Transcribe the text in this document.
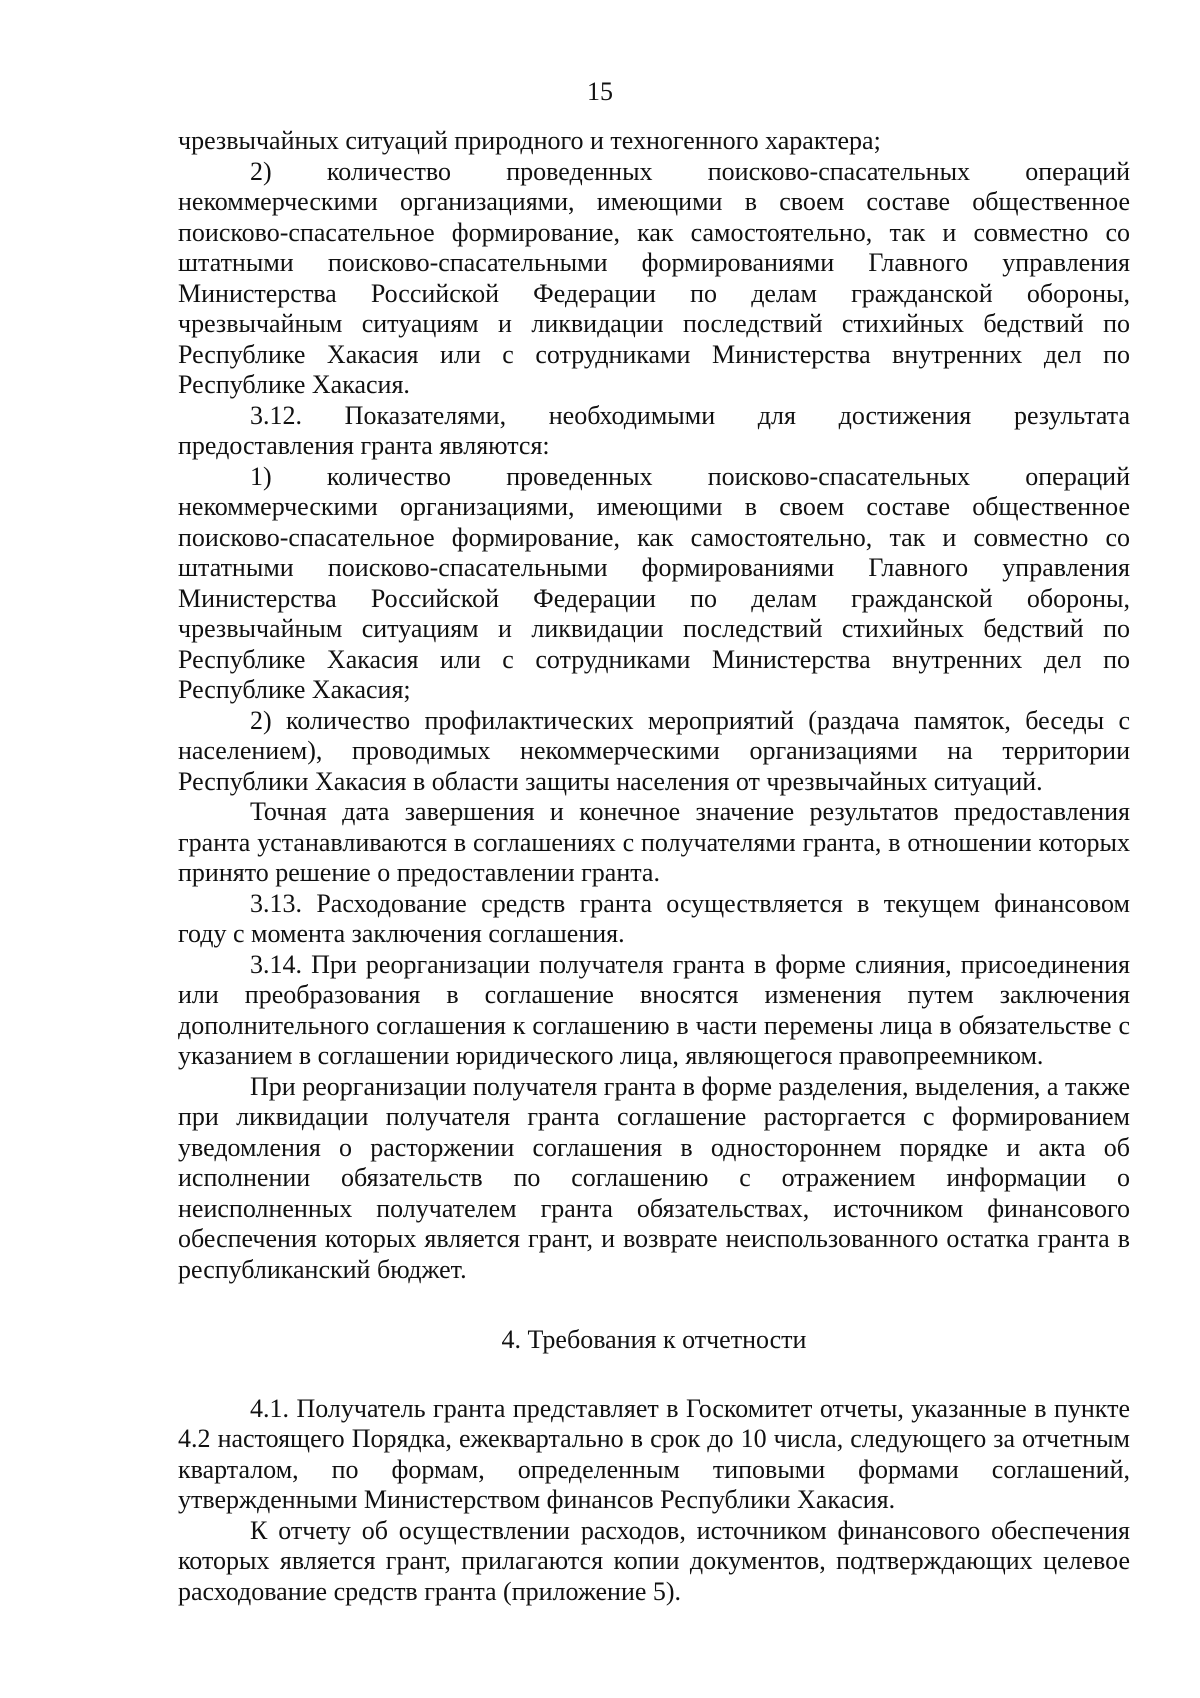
15

чрезвычайных ситуаций природного и техногенного характера;

2) количество проведенных поисково-спасательных операций некоммерческими организациями, имеющими в своем составе общественное поисково-спасательное формирование, как самостоятельно, так и совместно со штатными поисково-спасательными формированиями Главного управления Министерства Российской Федерации по делам гражданской обороны, чрезвычайным ситуациям и ликвидации последствий стихийных бедствий по Республике Хакасия или с сотрудниками Министерства внутренних дел по Республике Хакасия.

3.12. Показателями, необходимыми для достижения результата предоставления гранта являются:

1) количество проведенных поисково-спасательных операций некоммерческими организациями, имеющими в своем составе общественное поисково-спасательное формирование, как самостоятельно, так и совместно со штатными поисково-спасательными формированиями Главного управления Министерства Российской Федерации по делам гражданской обороны, чрезвычайным ситуациям и ликвидации последствий стихийных бедствий по Республике Хакасия или с сотрудниками Министерства внутренних дел по Республике Хакасия;

2) количество профилактических мероприятий (раздача памяток, беседы с населением), проводимых некоммерческими организациями на территории Республики Хакасия в области защиты населения от чрезвычайных ситуаций.

Точная дата завершения и конечное значение результатов предоставления гранта устанавливаются в соглашениях с получателями гранта, в отношении которых принято решение о предоставлении гранта.

3.13. Расходование средств гранта осуществляется в текущем финансовом году с момента заключения соглашения.

3.14. При реорганизации получателя гранта в форме слияния, присоединения или преобразования в соглашение вносятся изменения путем заключения дополнительного соглашения к соглашению в части перемены лица в обязательстве с указанием в соглашении юридического лица, являющегося правопреемником.

При реорганизации получателя гранта в форме разделения, выделения, а также при ликвидации получателя гранта соглашение расторгается с формированием уведомления о расторжении соглашения в одностороннем порядке и акта об исполнении обязательств по соглашению с отражением информации о неисполненных получателем гранта обязательствах, источником финансового обеспечения которых является грант, и возврате неиспользованного остатка гранта в республиканский бюджет.

4. Требования к отчетности

4.1. Получатель гранта представляет в Госкомитет отчеты, указанные в пункте 4.2 настоящего Порядка, ежеквартально в срок до 10 числа, следующего за отчетным кварталом, по формам, определенным типовыми формами соглашений, утвержденными Министерством финансов Республики Хакасия.

К отчету об осуществлении расходов, источником финансового обеспечения которых является грант, прилагаются копии документов, подтверждающих целевое расходование средств гранта (приложение 5).
